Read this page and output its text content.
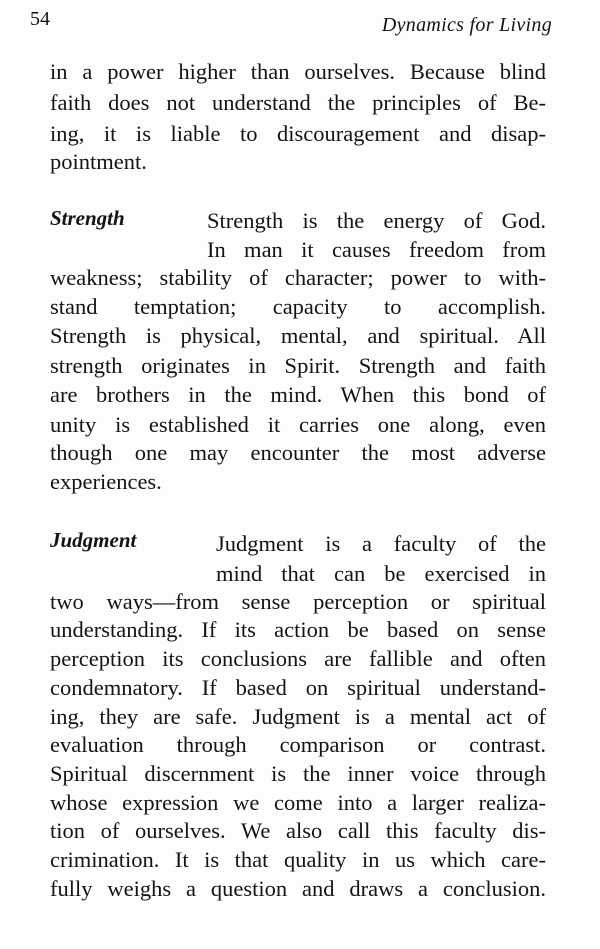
54	Dynamics for Living
in a power higher than ourselves. Because blind
faith does not understand the principles of Be-
ing, it is liable to discouragement and disap-
pointment.
Strength	Strength is the energy of God.
In man it causes freedom from
weakness; stability of character; power to with-
stand temptation; capacity to accomplish.
Strength is physical, mental, and spiritual. All
strength originates in Spirit. Strength and faith
are brothers in the mind. When this bond of
unity is established it carries one along, even
though one may encounter the most adverse
experiences.
Judgment	Judgment is a faculty of the
mind that can be exercised in
two ways—from sense perception or spiritual
understanding. If its action be based on sense
perception its conclusions are fallible and often
condemnatory. If based on spiritual understand-
ing, they are safe. Judgment is a mental act of
evaluation through comparison or contrast.
Spiritual discernment is the inner voice through
whose expression we come into a larger realiza-
tion of ourselves. We also call this faculty dis-
crimination. It is that quality in us which care-
fully weighs a question and draws a conclusion.
